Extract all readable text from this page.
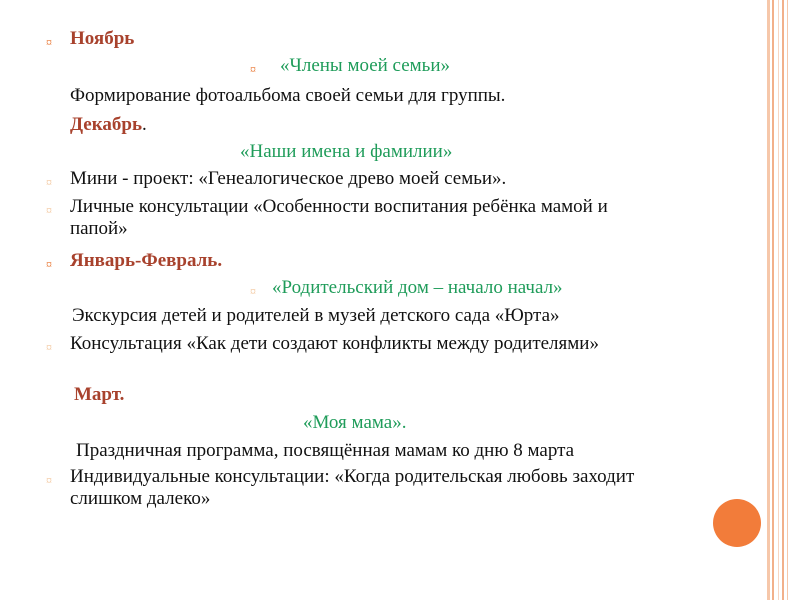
¤ Ноябрь
¤ «Члены моей семьи»
Формирование фотоальбома своей семьи для группы.
Декабрь.
«Наши имена и фамилии»
¤ Мини - проект: «Генеалогическое древо моей семьи».
¤ Личные консультации «Особенности воспитания ребёнка мамой и папой»
¤ Январь-Февраль.
¤ «Родительский дом – начало начал»
Экскурсия детей и родителей в музей детского сада «Юрта»
¤ Консультация «Как дети создают конфликты между родителями»
Март.
«Моя мама».
Праздничная программа, посвящённая мамам ко дню 8 марта
¤ Индивидуальные консультации: «Когда родительская любовь заходит слишком далеко»
